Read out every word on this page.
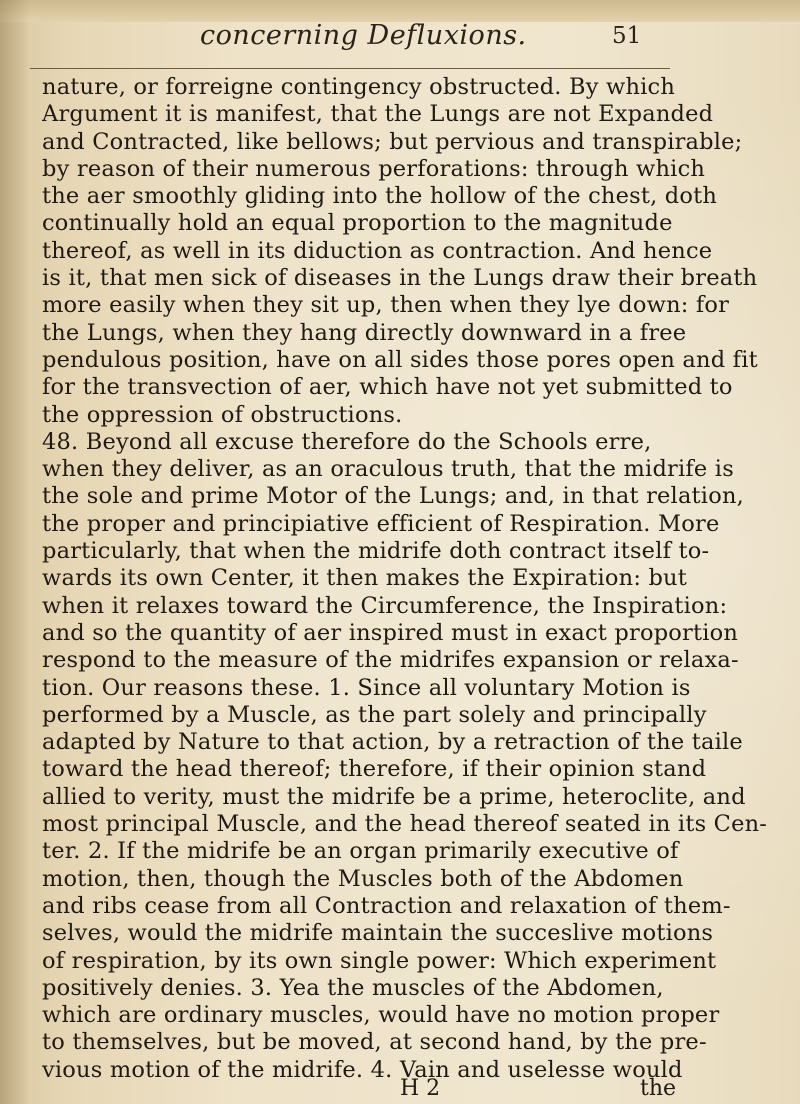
concerning Defluxions.	51
nature, or forreigne contingency obstructed. By which
Argument it is manifest, that the Lungs are not Expanded
and Contracted, like bellows; but pervious and transpirable;
by reason of their numerous perforations: through which
the aer smoothly gliding into the hollow of the chest, doth
continually hold an equal proportion to the magnitude
thereof, as well in its diduction as contraction. And hence
is it, that men sick of diseases in the Lungs draw their breath
more easily when they sit up, then when they lye down: for
the Lungs, when they hang directly downward in a free
pendulous position, have on all sides those pores open and fit
for the transvection of aer, which have not yet submitted to
the oppression of obstructions.
48. Beyond all excuse therefore do the Schools erre,
when they deliver, as an oraculous truth, that the midrife is
the sole and prime Motor of the Lungs; and, in that relation,
the proper and principiative efficient of Respiration. More
particularly, that when the midrife doth contract itself to-
wards its own Center, it then makes the Expiration: but
when it relaxes toward the Circumference, the Inspiration:
and so the quantity of aer inspired must in exact proportion
respond to the measure of the midrifes expansion or relaxa-
tion. Our reasons these. 1. Since all voluntary Motion is
performed by a Muscle, as the part solely and principally
adapted by Nature to that action, by a retraction of the taile
toward the head thereof; therefore, if their opinion stand
allied to verity, must the midrife be a prime, heteroclite, and
most principal Muscle, and the head thereof seated in its Cen-
ter. 2. If the midrife be an organ primarily executive of
motion, then, though the Muscles both of the Abdomen
and ribs cease from all Contraction and relaxation of them-
selves, would the midrife maintain the succeslive motions
of respiration, by its own single power: Which experiment
positively denies. 3. Yea the muscles of the Abdomen,
which are ordinary muscles, would have no motion proper
to themselves, but be moved, at second hand, by the pre-
vious motion of the midrife. 4. Vain and uselesse would
H 2	the
